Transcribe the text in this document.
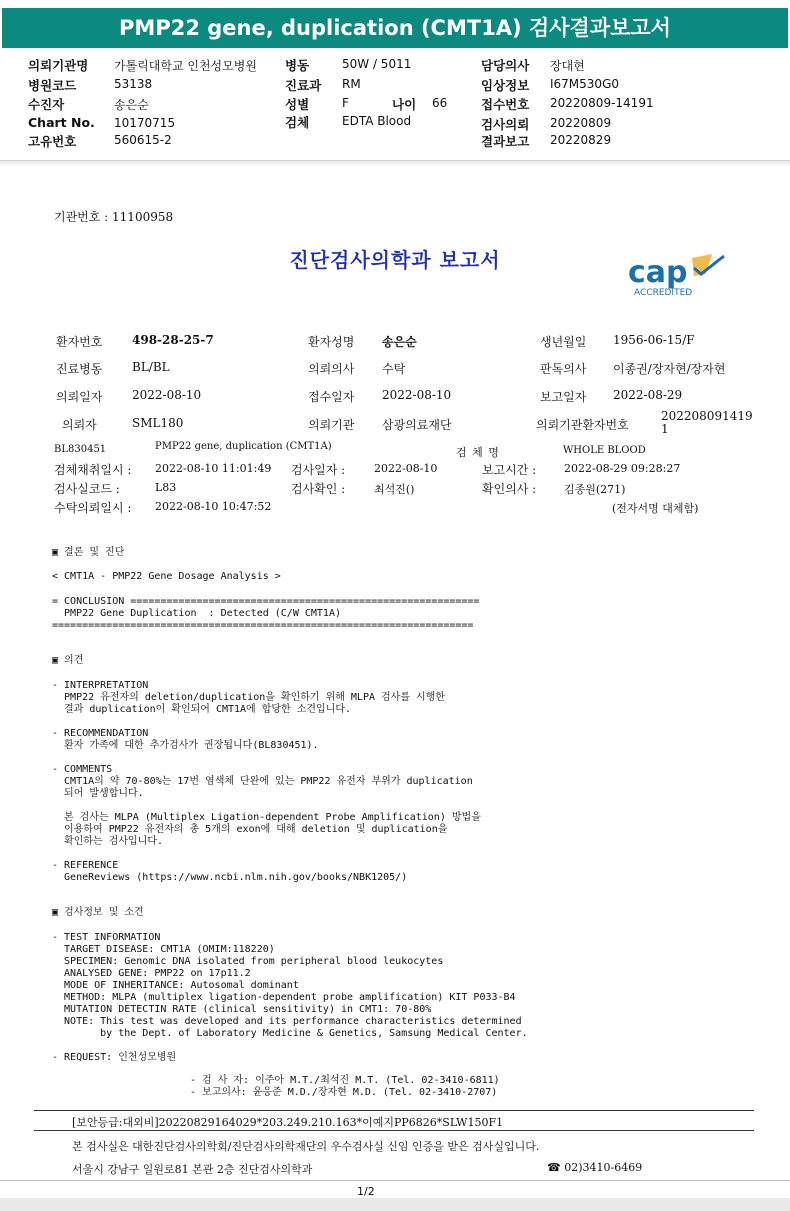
PMP22 gene, duplication (CMT1A) 검사결과보고서
의뢰기관명 가톨릭대학교 인천성모병원 병동	50W / 5011	담당의사 장대현
병원코드	53138	진료과 RM	임상정보 I67M530G0
수진자	송은순	성별	F	나이 66	접수번호 20220809-14191
Chart No. 10170715	검체	EDTA Blood	검사의뢰 20220809
고유번호	560615-2	결과보고 20220829
기관번호 : 11100958
진단검사의학과 보고서	cap
ACCREDITED
환자번호 498-28-25-7	환자성명 송은순	생년월일 1956-06-15/F
진료병동 BL/BL	의뢰의사 수탁	판독의사 이종권/장자현/장자현
의뢰일자 2022-08-10	접수일자 2022-08-10	보고일자 2022-08-29
의뢰자	SML180	의뢰기관 삼광의료재단	의뢰기관환자번호
202208091419
1
BL830451	PMP22 gene, duplication (CMT1A)	검 체 명	WHOLE BLOOD
검체채취일시 : 2022-08-10 11:01:49 검사일자 :	2022-08-10	보고시간 :	2022-08-29 09:28:27
검사실코드 :	L83	검사확인 :	최석진()	확인의사 :	김종원(271)
수탁의뢰일시 : 2022-08-10 10:47:52	(전자서명 대체함)
▣ 결론 및 진단
< CMT1A - PMP22 Gene Dosage Analysis >
= CONCLUSION ==========================================================
PMP22 Gene Duplication  : Detected (C/W CMT1A)
======================================================================
▣ 의견
- INTERPRETATION
PMP22 유전자의 deletion/duplication을 확인하기 위해 MLPA 검사를 시행한
결과 duplication이 확인되어 CMT1A에 합당한 소견입니다.

- RECOMMENDATION
환자 가족에 대한 추가검사가 권장됩니다(BL830451).

- COMMENTS
CMT1A의 약 70-80%는 17번 염색체 단완에 있는 PMP22 유전자 부위가 duplication
되어 발생합니다.

본 검사는 MLPA (Multiplex Ligation-dependent Probe Amplification) 방법을
이용하여 PMP22 유전자의 총 5개의 exon에 대해 deletion 및 duplication을
확인하는 검사입니다.

- REFERENCE
GeneReviews (https://www.ncbi.nlm.nih.gov/books/NBK1205/)
▣ 검사정보 및 소견
- TEST INFORMATION
TARGET DISEASE: CMT1A (OMIM:118220)
SPECIMEN: Genomic DNA isolated from peripheral blood leukocytes
ANALYSED GENE: PMP22 on 17p11.2
MODE OF INHERITANCE: Autosomal dominant
METHOD: MLPA (multiplex ligation-dependent probe amplification) KIT P033-B4
MUTATION DETECTIN RATE (clinical sensitivity) in CMT1: 70-80%
NOTE: This test was developed and its performance characteristics determined
by the Dept. of Laboratory Medicine & Genetics, Samsung Medical Center.

- REQUEST: 인천성모병원
- 검 사 자: 이주아 M.T./최석진 M.T. (Tel. 02-3410-6811)
- 보고의사: 윤응준 M.D./장자현 M.D. (Tel. 02-3410-2707)
[보안등급:대외비]20220829164029*203.249.210.163*이예지PP6826*SLW150F1
본 검사실은 대한진단검사의학회/진단검사의학재단의 우수검사실 신임 인증을 받은 검사실입니다.
서울시 강남구 일원로81 본관 2층 진단검사의학과	☎ 02)3410-6469
1/2
